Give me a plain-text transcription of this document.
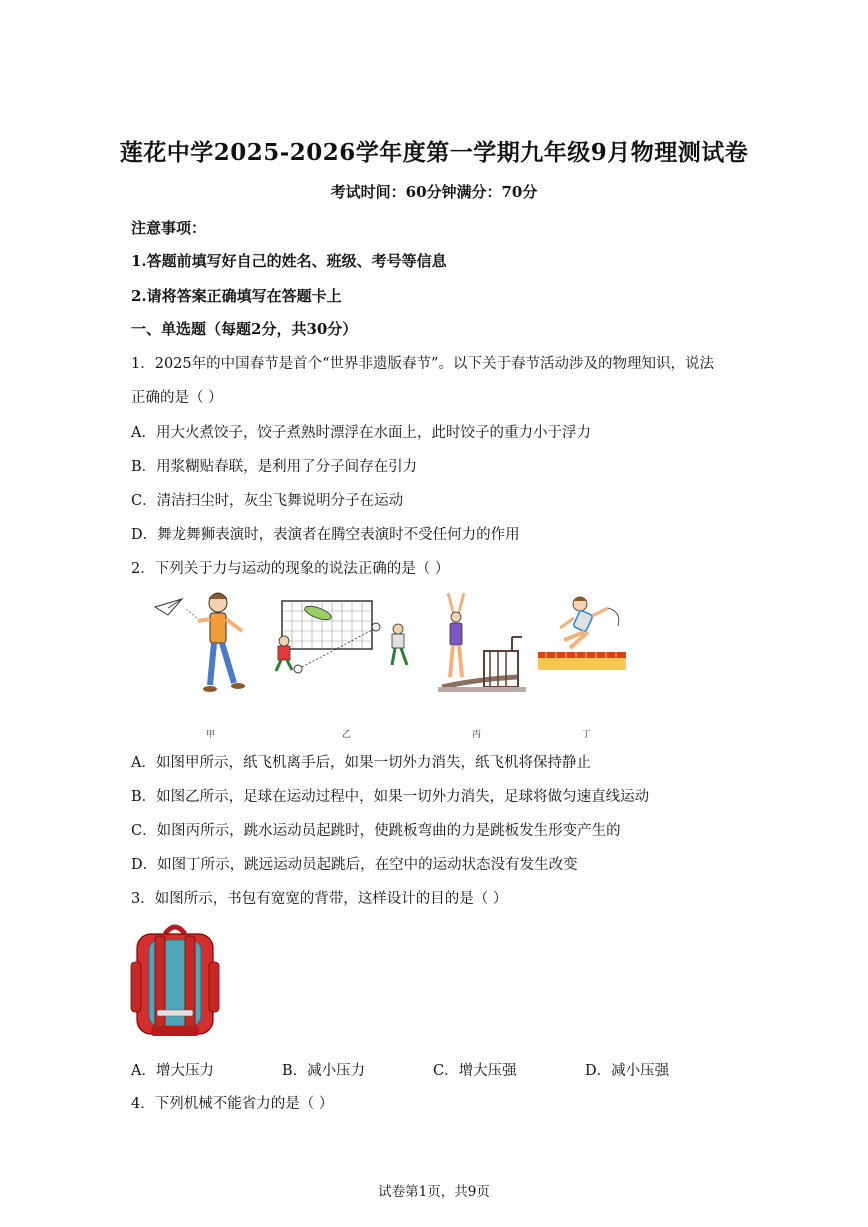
莲花中学2025-2026学年度第一学期九年级9月物理测试卷
考试时间：60分钟满分：70分
注意事项：
1.答题前填写好自己的姓名、班级、考号等信息
2.请将答案正确填写在答题卡上
一、单选题（每题2分，共30分）
1．2025年的中国春节是首个“世界非遗版春节”。以下关于春节活动涉及的物理知识，说法
正确的是（ ）
A．用大火煮饺子，饺子煮熟时漂浮在水面上，此时饺子的重力小于浮力
B．用浆糊贴春联，是利用了分子间存在引力
C．清洁扫尘时，灰尘飞舞说明分子在运动
D．舞龙舞狮表演时，表演者在腾空表演时不受任何力的作用
2．下列关于力与运动的现象的说法正确的是（ ）
甲	乙	丙	丁
A．如图甲所示，纸飞机离手后，如果一切外力消失，纸飞机将保持静止
B．如图乙所示，足球在运动过程中，如果一切外力消失，足球将做匀速直线运动
C．如图丙所示，跳水运动员起跳时，使跳板弯曲的力是跳板发生形变产生的
D．如图丁所示，跳远运动员起跳后，在空中的运动状态没有发生改变
3．如图所示，书包有宽宽的背带，这样设计的目的是（ ）
A．增大压力	B．减小压力	C．增大压强	D．减小压强
4．下列机械不能省力的是（ ）
试卷第1页，共9页
